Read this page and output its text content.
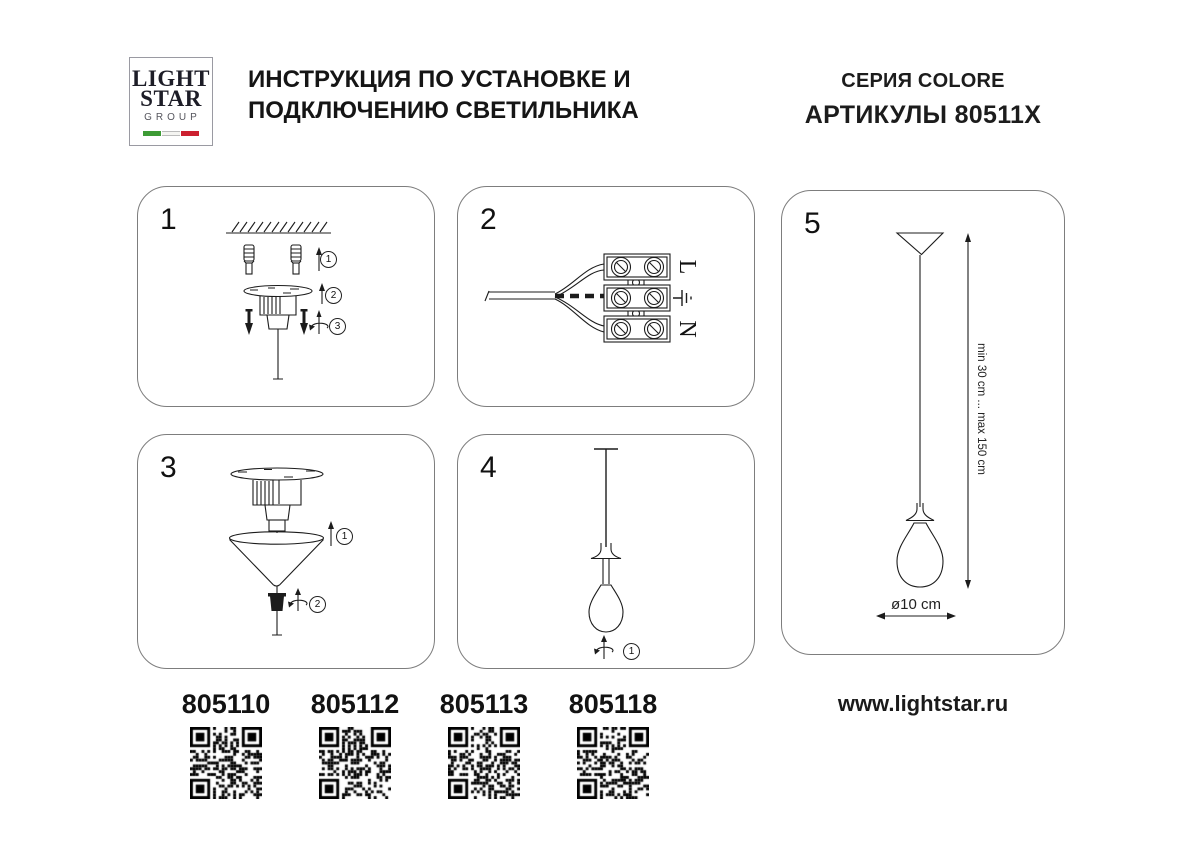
LIGHT
STAR
GROUP
ИНСТРУКЦИЯ ПО УСТАНОВКЕ И
ПОДКЛЮЧЕНИЮ СВЕТИЛЬНИКА
СЕРИЯ COLORE
АРТИКУЛЫ 80511X
1
1
2
3
2
L
N
3
1
2
4
1
5
min 30 cm ... max 150 cm
ø10 cm
805110	805112	805113	805118	www.lightstar.ru
